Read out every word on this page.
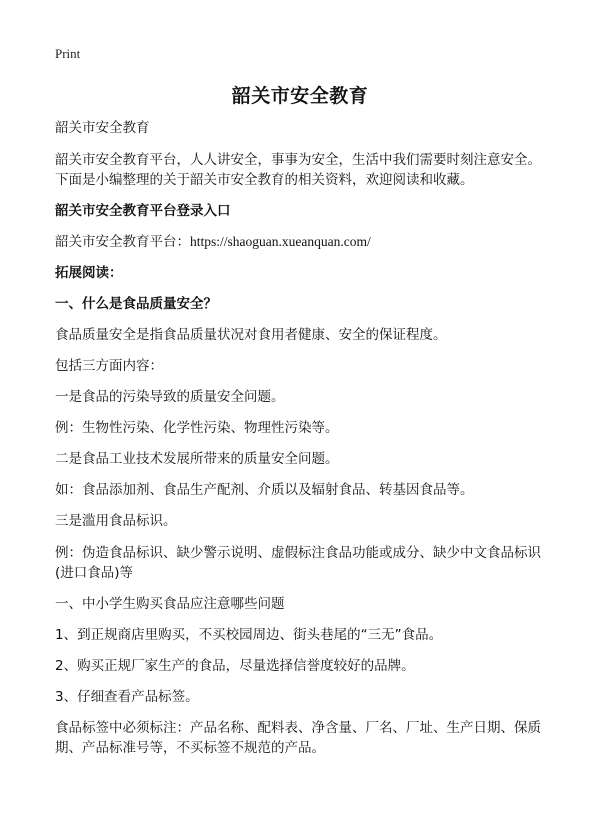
Print
韶关市安全教育
韶关市安全教育
韶关市安全教育平台，人人讲安全，事事为安全，生活中我们需要时刻注意安全。
下面是小编整理的关于韶关市安全教育的相关资料，欢迎阅读和收藏。
韶关市安全教育平台登录入口
韶关市安全教育平台：https://shaoguan.xueanquan.com/
拓展阅读：
一、什么是食品质量安全？
食品质量安全是指食品质量状况对食用者健康、安全的保证程度。
包括三方面内容：
一是食品的污染导致的质量安全问题。
例：生物性污染、化学性污染、物理性污染等。
二是食品工业技术发展所带来的质量安全问题。
如：食品添加剂、食品生产配剂、介质以及辐射食品、转基因食品等。
三是滥用食品标识。
例：伪造食品标识、缺少警示说明、虚假标注食品功能或成分、缺少中文食品标识
(进口食品)等
一、中小学生购买食品应注意哪些问题
1、到正规商店里购买，不买校园周边、街头巷尾的“三无”食品。
2、购买正规厂家生产的食品，尽量选择信誉度较好的品牌。
3、仔细查看产品标签。
食品标签中必须标注：产品名称、配料表、净含量、厂名、厂址、生产日期、保质
期、产品标准号等，不买标签不规范的产品。
